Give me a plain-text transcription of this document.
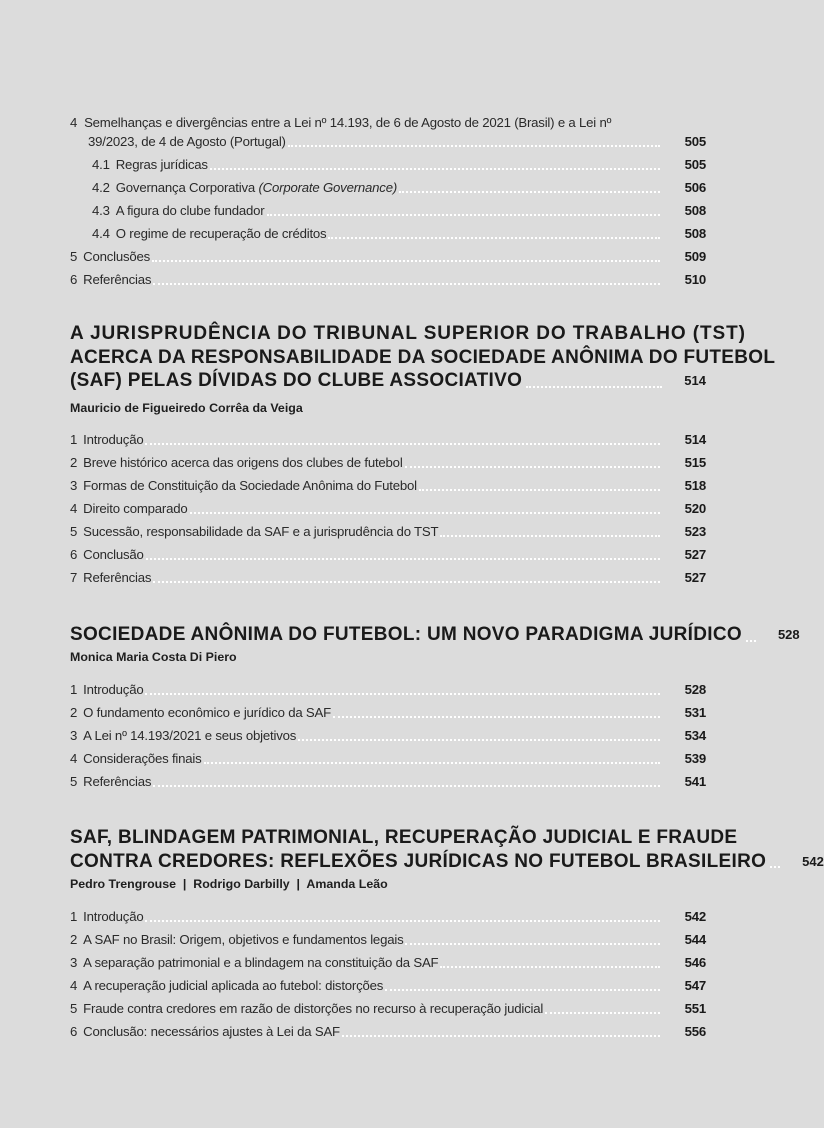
4 Semelhanças e divergências entre a Lei nº 14.193, de 6 de Agosto de 2021 (Brasil) e a Lei nº
39/2023, de 4 de Agosto (Portugal)	505
4.1 Regras jurídicas	505
4.2 Governança Corporativa (Corporate Governance)	506
4.3 A figura do clube fundador	508
4.4 O regime de recuperação de créditos	508
5 Conclusões	509
6 Referências	510
A JURISPRUDÊNCIA DO TRIBUNAL SUPERIOR DO TRABALHO (TST)
ACERCA DA RESPONSABILIDADE DA SOCIEDADE ANÔNIMA DO FUTEBOL
(SAF) PELAS DÍVIDAS DO CLUBE ASSOCIATIVO	514
Mauricio de Figueiredo Corrêa da Veiga
1 Introdução	514
2 Breve histórico acerca das origens dos clubes de futebol	515
3 Formas de Constituição da Sociedade Anônima do Futebol	518
4 Direito comparado	520
5 Sucessão, responsabilidade da SAF e a jurisprudência do TST	523
6 Conclusão	527
7 Referências	527
SOCIEDADE ANÔNIMA DO FUTEBOL: UM NOVO PARADIGMA JURÍDICO	528
Monica Maria Costa Di Piero
1 Introdução	528
2 O fundamento econômico e jurídico da SAF	531
3 A Lei nº 14.193/2021 e seus objetivos	534
4 Considerações finais	539
5 Referências	541
SAF, BLINDAGEM PATRIMONIAL, RECUPERAÇÃO JUDICIAL E FRAUDE
CONTRA CREDORES: REFLEXÕES JURÍDICAS NO FUTEBOL BRASILEIRO	542
Pedro Trengrouse  |  Rodrigo Darbilly  |  Amanda Leão
1 Introdução	542
2 A SAF no Brasil: Origem, objetivos e fundamentos legais	544
3 A separação patrimonial e a blindagem na constituição da SAF	546
4 A recuperação judicial aplicada ao futebol: distorções	547
5 Fraude contra credores em razão de distorções no recurso à recuperação judicial	551
6 Conclusão: necessários ajustes à Lei da SAF	556
